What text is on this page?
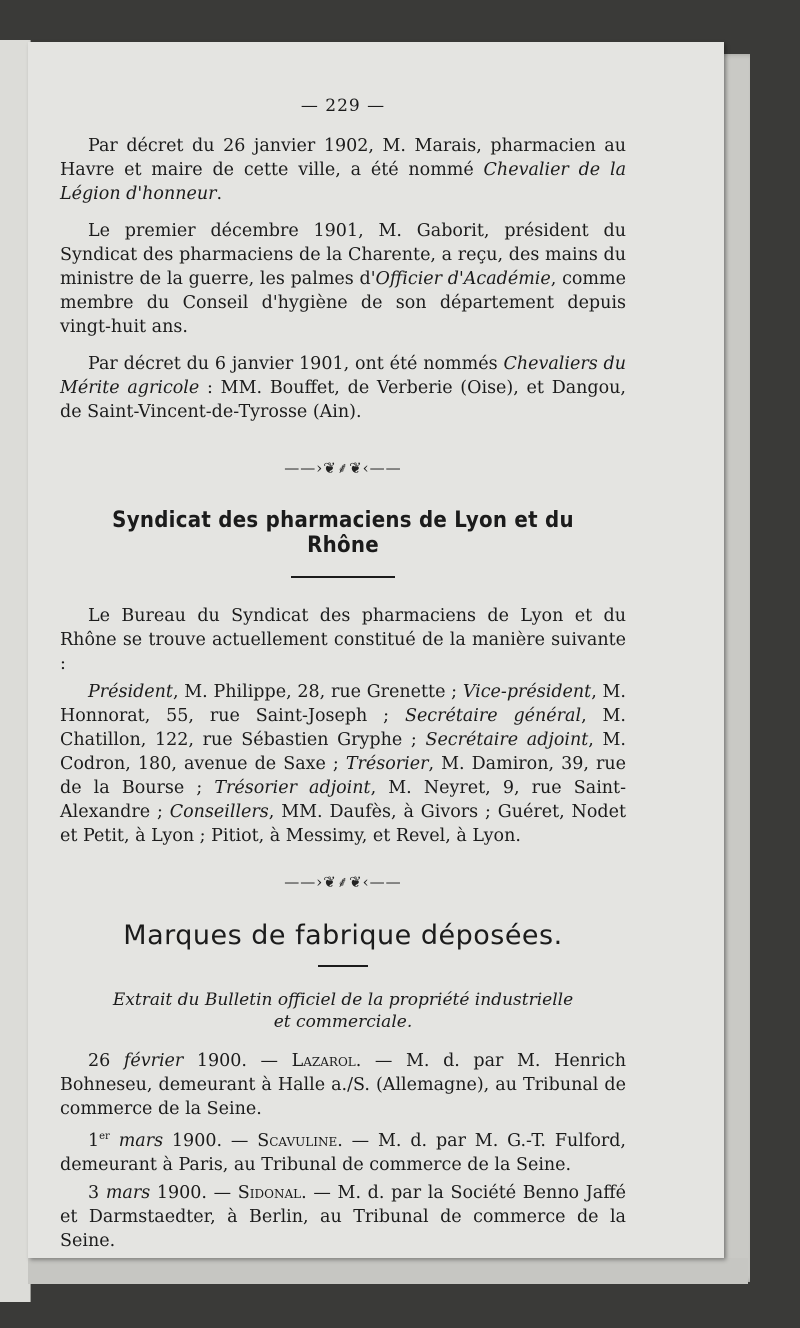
— 229 —

Par décret du 26 janvier 1902, M. Marais, pharmacien au Havre et maire de cette ville, a été nommé Chevalier de la Légion d'honneur.

Le premier décembre 1901, M. Gaborit, président du Syndicat des pharmaciens de la Charente, a reçu, des mains du ministre de la guerre, les palmes d'Officier d'Académie, comme membre du Conseil d'hygiène de son département depuis vingt-huit ans.

Par décret du 6 janvier 1901, ont été nommés Chevaliers du Mérite agricole : MM. Bouffet, de Verberie (Oise), et Dangou, de Saint-Vincent-de-Tyrosse (Ain).

——›❦⸙❦‹——
Syndicat des pharmaciens de Lyon et du Rhône

Le Bureau du Syndicat des pharmaciens de Lyon et du Rhône se trouve actuellement constitué de la manière suivante :

Président, M. Philippe, 28, rue Grenette ; Vice-président, M. Honnorat, 55, rue Saint-Joseph ; Secrétaire général, M. Chatillon, 122, rue Sébastien Gryphe ; Secrétaire adjoint, M. Codron, 180, avenue de Saxe ; Trésorier, M. Damiron, 39, rue de la Bourse ; Trésorier adjoint, M. Neyret, 9, rue Saint-Alexandre ; Conseillers, MM. Daufès, à Givors ; Guéret, Nodet et Petit, à Lyon ; Pitiot, à Messimy, et Revel, à Lyon.

——›❦⸙❦‹——
Marques de fabrique déposées.
Extrait du Bulletin officiel de la propriété industrielle
et commerciale.

26 février 1900. — Lazarol. — M. d. par M. Henrich Bohneseu, demeurant à Halle a./S. (Allemagne), au Tribunal de commerce de la Seine.

1er mars 1900. — Scavuline. — M. d. par M. G.-T. Fulford, demeurant à Paris, au Tribunal de commerce de la Seine.

3 mars 1900. — Sidonal. — M. d. par la Société Benno Jaffé et Darmstaedter, à Berlin, au Tribunal de commerce de la Seine.
